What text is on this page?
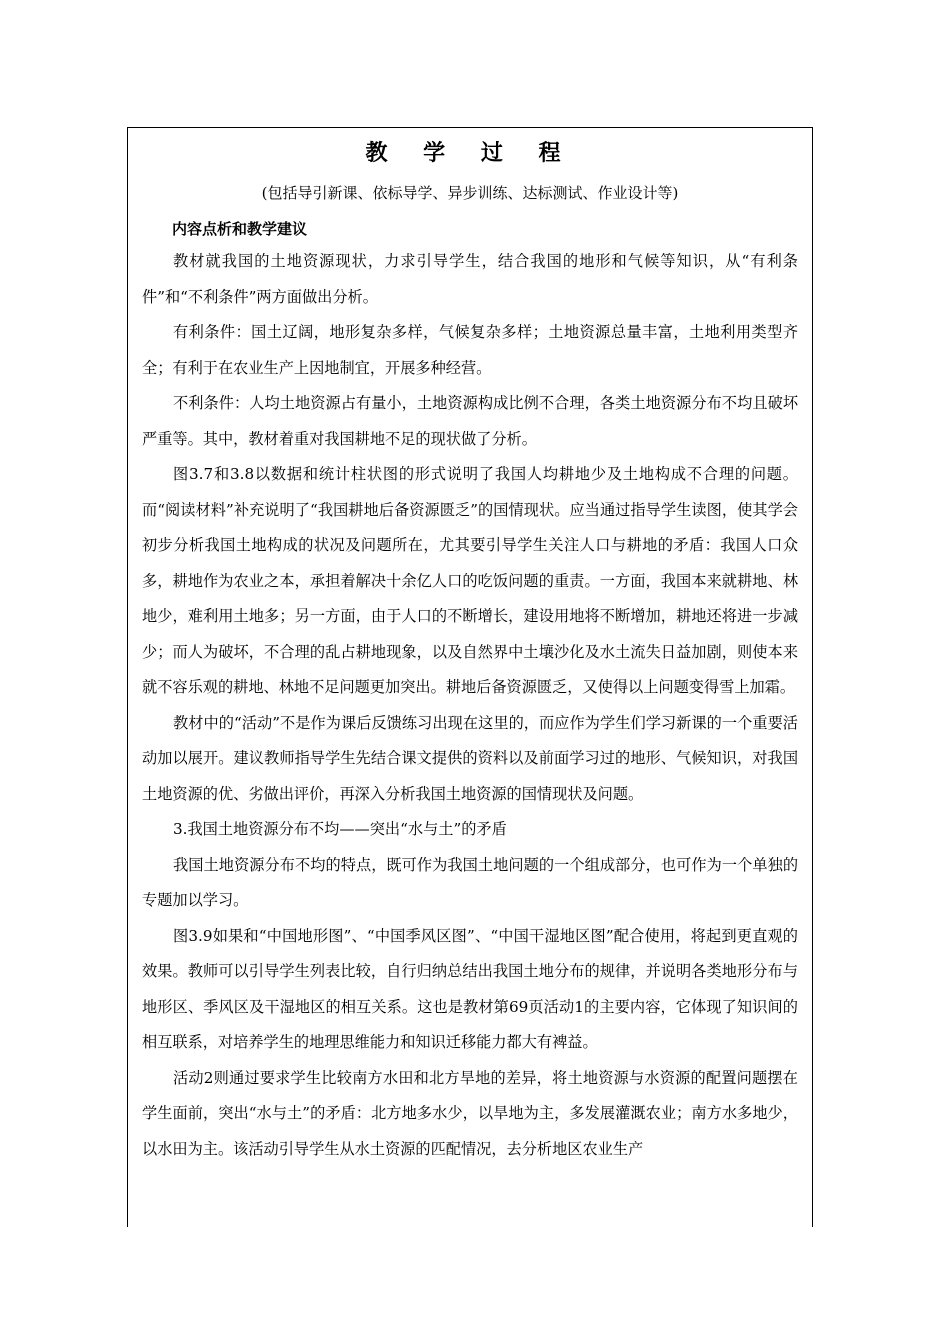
教 学 过 程
(包括导引新课、依标导学、异步训练、达标测试、作业设计等)
内容点析和教学建议

教材就我国的土地资源现状，力求引导学生，结合我国的地形和气候等知识，从“有利条件”和“不利条件”两方面做出分析。

有利条件：国土辽阔，地形复杂多样，气候复杂多样；土地资源总量丰富，土地利用类型齐全；有利于在农业生产上因地制宜，开展多种经营。

不利条件：人均土地资源占有量小，土地资源构成比例不合理，各类土地资源分布不均且破坏严重等。其中，教材着重对我国耕地不足的现状做了分析。

图3.7和3.8以数据和统计柱状图的形式说明了我国人均耕地少及土地构成不合理的问题。而“阅读材料”补充说明了“我国耕地后备资源匮乏”的国情现状。应当通过指导学生读图，使其学会初步分析我国土地构成的状况及问题所在，尤其要引导学生关注人口与耕地的矛盾：我国人口众多，耕地作为农业之本，承担着解决十余亿人口的吃饭问题的重责。一方面，我国本来就耕地、林地少，难利用土地多；另一方面，由于人口的不断增长，建设用地将不断增加，耕地还将进一步减少；而人为破坏，不合理的乱占耕地现象，以及自然界中土壤沙化及水土流失日益加剧，则使本来就不容乐观的耕地、林地不足问题更加突出。耕地后备资源匮乏，又使得以上问题变得雪上加霜。

教材中的“活动”不是作为课后反馈练习出现在这里的，而应作为学生们学习新课的一个重要活动加以展开。建议教师指导学生先结合课文提供的资料以及前面学习过的地形、气候知识，对我国土地资源的优、劣做出评价，再深入分析我国土地资源的国情现状及问题。

3.我国土地资源分布不均——突出“水与土”的矛盾

我国土地资源分布不均的特点，既可作为我国土地问题的一个组成部分，也可作为一个单独的专题加以学习。

图3.9如果和“中国地形图”、“中国季风区图”、“中国干湿地区图”配合使用，将起到更直观的效果。教师可以引导学生列表比较，自行归纳总结出我国土地分布的规律，并说明各类地形分布与地形区、季风区及干湿地区的相互关系。这也是教材第69页活动1的主要内容，它体现了知识间的相互联系，对培养学生的地理思维能力和知识迁移能力都大有裨益。

活动2则通过要求学生比较南方水田和北方旱地的差异，将土地资源与水资源的配置问题摆在学生面前，突出“水与土”的矛盾：北方地多水少，以旱地为主，多发展灌溉农业；南方水多地少，以水田为主。该活动引导学生从水土资源的匹配情况，去分析地区农业生产
